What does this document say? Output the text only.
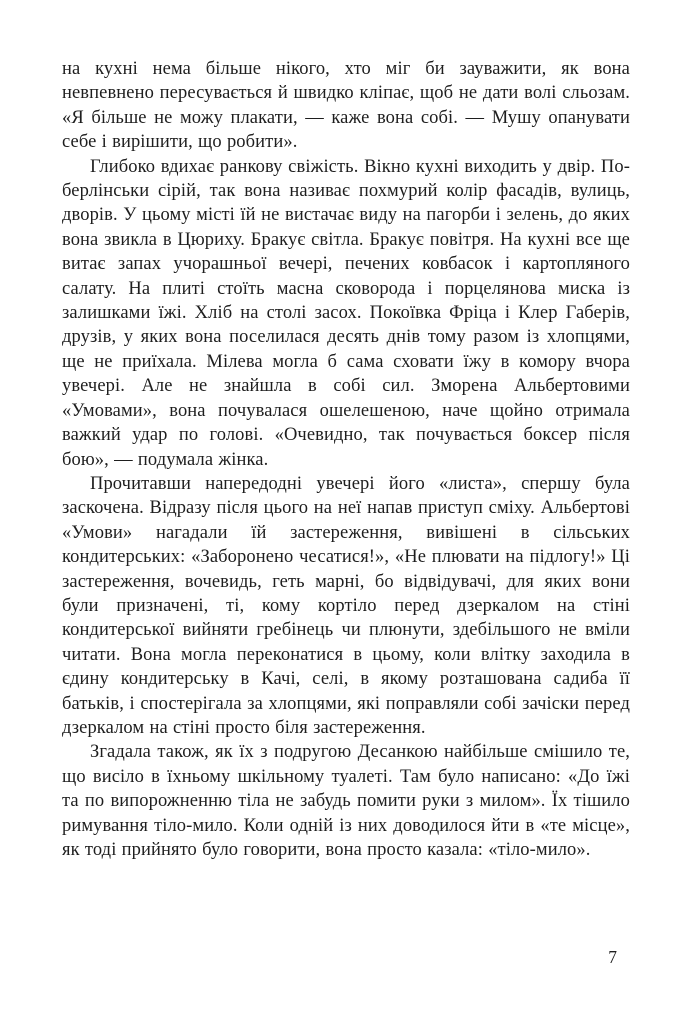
на кухні нема більше нікого, хто міг би зауважити, як вона невпевнено пересувається й швидко кліпає, щоб не дати волі сльозам. «Я більше не можу плакати, — каже вона собі. — Мушу опанувати себе і вирішити, що робити».

Глибоко вдихає ранкову свіжість. Вікно кухні виходить у двір. По-берлінськи сірій, так вона називає похмурий колір фасадів, вулиць, дворів. У цьому місті їй не вистачає виду на пагорби і зелень, до яких вона звикла в Цюриху. Бракує світла. Бракує повітря. На кухні все ще витає запах учорашньої вечері, печених ковбасок і картопляного салату. На плиті стоїть масна сковорода і порцелянова миска із залишками їжі. Хліб на столі засох. Покоївка Фріца і Клер Габерів, друзів, у яких вона поселилася десять днів тому разом із хлопцями, ще не приїхала. Мілева могла б сама сховати їжу в комору вчора увечері. Але не знайшла в собі сил. Зморена Альбертовими «Умовами», вона почувалася ошелешеною, наче щойно отримала важкий удар по голові. «Очевидно, так почувається боксер після бою», — подумала жінка.

Прочитавши напередодні увечері його «листа», спершу була заскочена. Відразу після цього на неї напав приступ сміху. Альбертові «Умови» нагадали їй застереження, вивішені в сільських кондитерських: «Заборонено чесатися!», «Не плювати на підлогу!» Ці застереження, вочевидь, геть марні, бо відвідувачі, для яких вони були призначені, ті, кому кортіло перед дзеркалом на стіні кондитерської вийняти гребінець чи плюнути, здебільшого не вміли читати. Вона могла переконатися в цьому, коли влітку заходила в єдину кондитерську в Качі, селі, в якому розташована садиба її батьків, і спостерігала за хлопцями, які поправляли собі зачіски перед дзеркалом на стіні просто біля застереження.

Згадала також, як їх з подругою Десанкою найбільше смішило те, що висіло в їхньому шкільному туалеті. Там було написано: «До їжі та по випорожненню тіла не забудь помити руки з милом». Їх тішило римування тіло-мило. Коли одній із них доводилося йти в «те місце», як тоді прийнято було говорити, вона просто казала: «тіло-мило».

7
